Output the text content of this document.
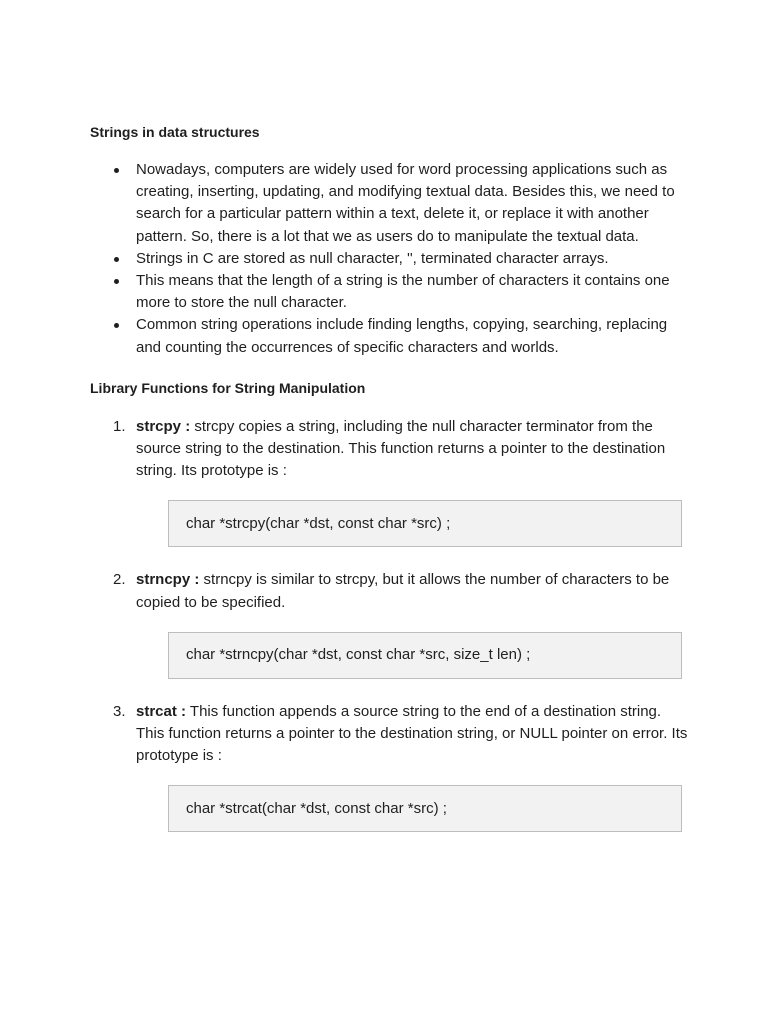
Strings in data structures

Nowadays, computers are widely used for word processing applications such as creating, inserting, updating, and modifying textual data. Besides this, we need to search for a particular pattern within a text, delete it, or replace it with another pattern. So, there is a lot that we as users do to manipulate the textual data.
Strings in C are stored as null character, '', terminated character arrays.
This means that the length of a string is the number of characters it contains one more to store the null character.
Common string operations include finding lengths, copying, searching, replacing and counting the occurrences of specific characters and worlds.

Library Functions for String Manipulation

1. strcpy : strcpy copies a string, including the null character terminator from the source string to the destination. This function returns a pointer to the destination string. Its prototype is :
char *strcpy(char *dst, const char *src) ;
2. strncpy : strncpy is similar to strcpy, but it allows the number of characters to be copied to be specified.
char *strncpy(char *dst, const char *src, size_t len) ;
3. strcat : This function appends a source string to the end of a destination string. This function returns a pointer to the destination string, or NULL pointer on error. Its prototype is :
char *strcat(char *dst, const char *src) ;
